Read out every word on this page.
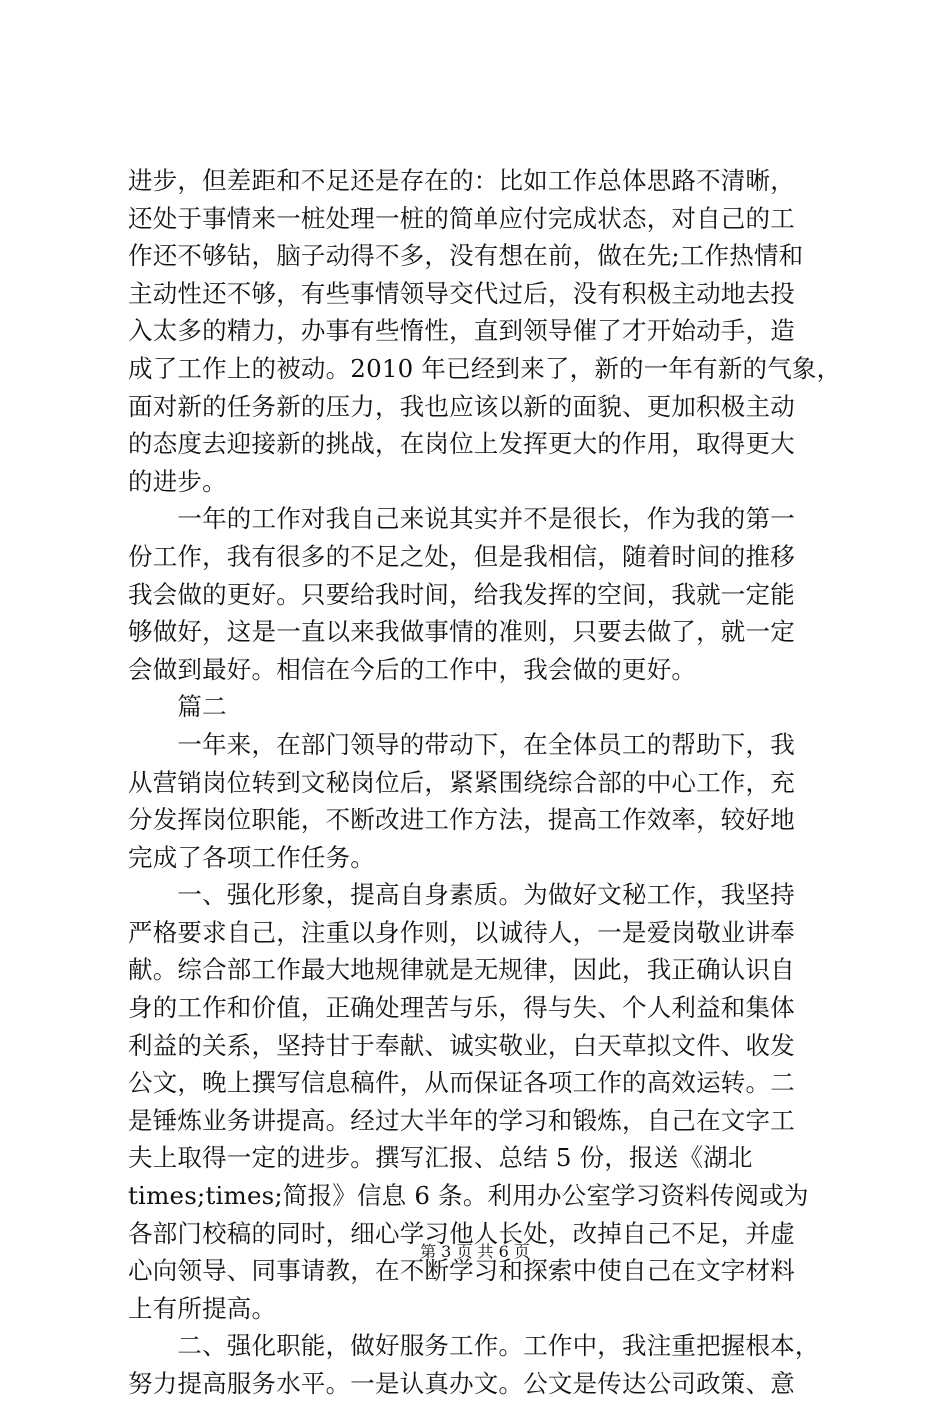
进步，但差距和不足还是存在的：比如工作总体思路不清晰，
还处于事情来一桩处理一桩的简单应付完成状态，对自己的工
作还不够钻，脑子动得不多，没有想在前，做在先;工作热情和
主动性还不够，有些事情领导交代过后，没有积极主动地去投
入太多的精力，办事有些惰性，直到领导催了才开始动手，造
成了工作上的被动。2010 年已经到来了，新的一年有新的气象，
面对新的任务新的压力，我也应该以新的面貌、更加积极主动
的态度去迎接新的挑战，在岗位上发挥更大的作用，取得更大
的进步。
　　一年的工作对我自己来说其实并不是很长，作为我的第一
份工作，我有很多的不足之处，但是我相信，随着时间的推移
我会做的更好。只要给我时间，给我发挥的空间，我就一定能
够做好，这是一直以来我做事情的准则，只要去做了，就一定
会做到最好。相信在今后的工作中，我会做的更好。
　　篇二
　　一年来，在部门领导的带动下，在全体员工的帮助下，我
从营销岗位转到文秘岗位后，紧紧围绕综合部的中心工作，充
分发挥岗位职能，不断改进工作方法，提高工作效率，较好地
完成了各项工作任务。
　　一、强化形象，提高自身素质。为做好文秘工作，我坚持
严格要求自己，注重以身作则，以诚待人，一是爱岗敬业讲奉
献。综合部工作最大地规律就是无规律，因此，我正确认识自
身的工作和价值，正确处理苦与乐，得与失、个人利益和集体
利益的关系，坚持甘于奉献、诚实敬业，白天草拟文件、收发
公文，晚上撰写信息稿件，从而保证各项工作的高效运转。二
是锤炼业务讲提高。经过大半年的学习和锻炼，自己在文字工
夫上取得一定的进步。撰写汇报、总结 5 份，报送《湖北
times;times;简报》信息 6 条。利用办公室学习资料传阅或为
各部门校稿的同时，细心学习他人长处，改掉自己不足，并虚
心向领导、同事请教，在不断学习和探索中使自己在文字材料
上有所提高。
　　二、强化职能，做好服务工作。工作中，我注重把握根本，
努力提高服务水平。一是认真办文。公文是传达公司政策、意
第 3 页 共 6 页
